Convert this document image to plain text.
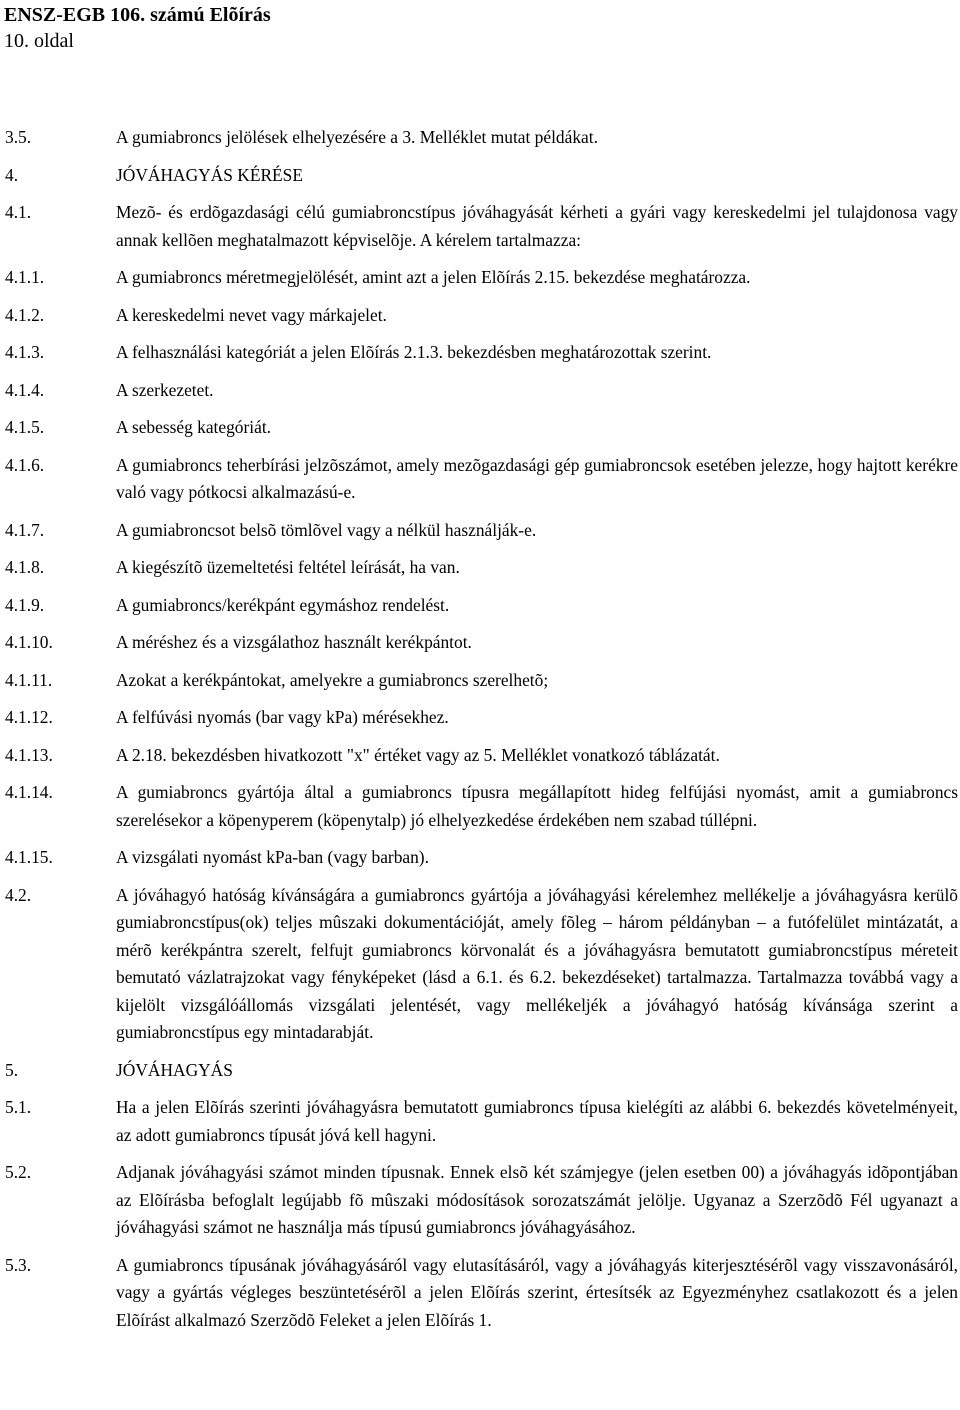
ENSZ-EGB 106. számú Elõírás
10. oldal
3.5.	A gumiabroncs jelölések elhelyezésére a 3. Melléklet mutat példákat.
4.	JÓVÁHAGYÁS KÉRÉSE
4.1.	Mezõ- és erdõgazdasági célú gumiabroncstípus jóváhagyását kérheti a gyári vagy kereskedelmi jel tulajdonosa vagy annak kellõen meghatalmazott képviselõje. A kérelem tartalmazza:
4.1.1.	A gumiabroncs méretmegjelölését, amint azt a jelen Elõírás 2.15. bekezdése meghatározza.
4.1.2.	A kereskedelmi nevet vagy márkajelet.
4.1.3.	A felhasználási kategóriát a jelen Elõírás 2.1.3. bekezdésben meghatározottak szerint.
4.1.4.	A szerkezetet.
4.1.5.	A sebesség kategóriát.
4.1.6.	A gumiabroncs teherbírási jelzõszámot, amely mezõgazdasági gép gumiabroncsok esetében jelezze, hogy hajtott kerékre való vagy pótkocsi alkalmazású-e.
4.1.7.	A gumiabroncsot belsõ tömlõvel vagy a nélkül használják-e.
4.1.8.	A kiegészítõ üzemeltetési feltétel leírását, ha van.
4.1.9.	A gumiabroncs/kerékpánt egymáshoz rendelést.
4.1.10.	A méréshez és a vizsgálathoz használt kerékpántot.
4.1.11.	Azokat a kerékpántokat, amelyekre a gumiabroncs szerelhetõ;
4.1.12.	A felfúvási nyomás (bar vagy kPa) mérésekhez.
4.1.13.	A 2.18. bekezdésben hivatkozott "x" értéket vagy az 5. Melléklet vonatkozó táblázatát.
4.1.14.	A gumiabroncs gyártója által a gumiabroncs típusra megállapított hideg felfújási nyomást, amit a gumiabroncs szerelésekor a köpenyperem (köpenytalp) jó elhelyezkedése érdekében nem szabad túllépni.
4.1.15.	A vizsgálati nyomást kPa-ban (vagy barban).
4.2.	A jóváhagyó hatóság kívánságára a gumiabroncs gyártója a jóváhagyási kérelemhez mellékelje a jóváhagyásra kerülõ gumiabroncstípus(ok) teljes mûszaki dokumentációját, amely fõleg – három példányban – a futófelület mintázatát, a mérõ kerékpántra szerelt, felfujt gumiabroncs körvonalát és a jóváhagyásra bemutatott gumiabroncstípus méreteit bemutató vázlatrajzokat vagy fényképeket (lásd a 6.1. és 6.2. bekezdéseket) tartalmazza. Tartalmazza továbbá vagy a kijelölt vizsgálóállomás vizsgálati jelentését, vagy mellékeljék a jóváhagyó hatóság kívánsága szerint a gumiabroncstípus egy mintadarabját.
5.	JÓVÁHAGYÁS
5.1.	Ha a jelen Elõírás szerinti jóváhagyásra bemutatott gumiabroncs típusa kielégíti az alábbi 6. bekezdés követelményeit, az adott gumiabroncs típusát jóvá kell hagyni.
5.2.	Adjanak jóváhagyási számot minden típusnak. Ennek elsõ két számjegye (jelen esetben 00) a jóváhagyás idõpontjában az Elõírásba befoglalt legújabb fõ mûszaki módosítások sorozatszámát jelölje. Ugyanaz a Szerzõdõ Fél ugyanazt a jóváhagyási számot ne használja más típusú gumiabroncs jóváhagyásához.
5.3.	A gumiabroncs típusának jóváhagyásáról vagy elutasításáról, vagy a jóváhagyás kiterjesztésérõl vagy visszavonásáról, vagy a gyártás végleges beszüntetésérõl a jelen Elõírás szerint, értesítsék az Egyezményhez csatlakozott és a jelen Elõírást alkalmazó Szerzõdõ Feleket a jelen Elõírás 1.
